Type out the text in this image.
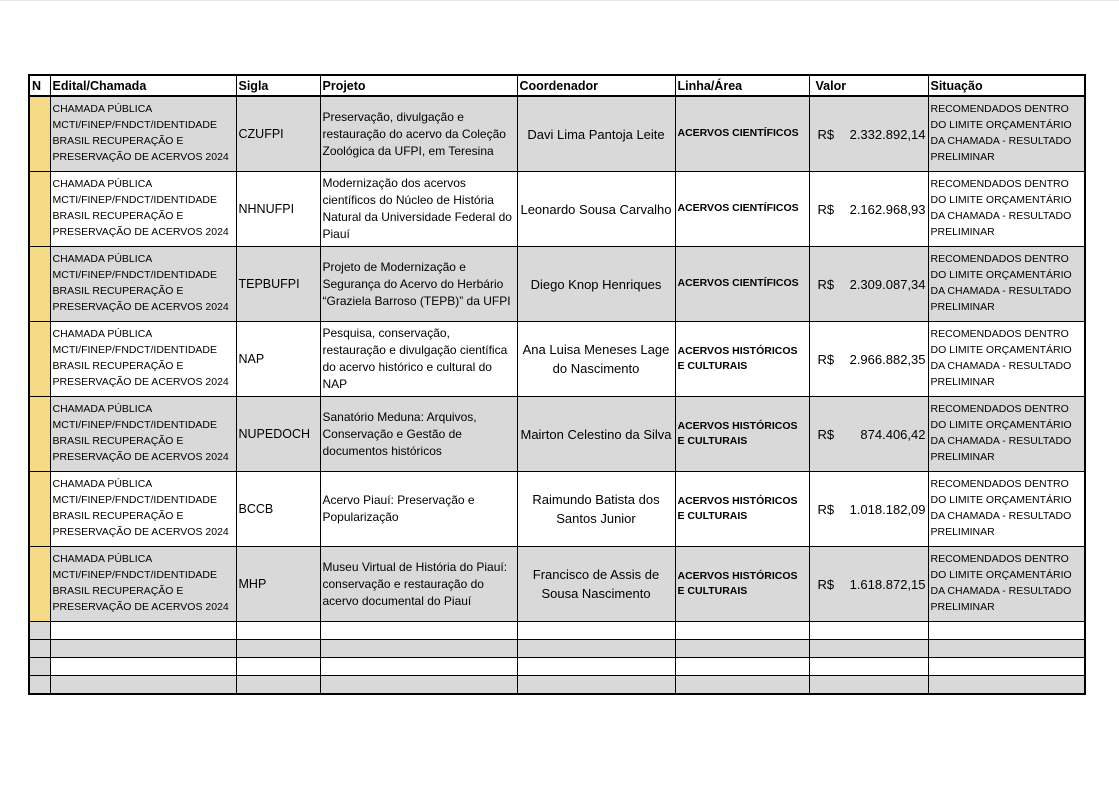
N	Edital/Chamada	Sigla	Projeto	Coordenador	Linha/Área	Valor	Situação
	CHAMADA PÚBLICA MCTI/FINEP/FNDCT/IDENTIDADE BRASIL RECUPERAÇÃO E PRESERVAÇÃO DE ACERVOS 2024	CZUFPI	Preservação, divulgação e restauração do acervo da Coleção Zoológica da UFPI, em Teresina	Davi Lima Pantoja Leite	ACERVOS CIENTÍFICOS	R$ 2.332.892,14	RECOMENDADOS DENTRO DO LIMITE ORÇAMENTÁRIO DA CHAMADA - RESULTADO PRELIMINAR
	CHAMADA PÚBLICA MCTI/FINEP/FNDCT/IDENTIDADE BRASIL RECUPERAÇÃO E PRESERVAÇÃO DE ACERVOS 2024	NHNUFPI	Modernização dos acervos científicos do Núcleo de História Natural da Universidade Federal do Piauí	Leonardo Sousa Carvalho	ACERVOS CIENTÍFICOS	R$ 2.162.968,93	RECOMENDADOS DENTRO DO LIMITE ORÇAMENTÁRIO DA CHAMADA - RESULTADO PRELIMINAR
	CHAMADA PÚBLICA MCTI/FINEP/FNDCT/IDENTIDADE BRASIL RECUPERAÇÃO E PRESERVAÇÃO DE ACERVOS 2024	TEPBUFPI	Projeto de Modernização e Segurança do Acervo do Herbário “Graziela Barroso (TEPB)” da UFPI	Diego Knop Henriques	ACERVOS CIENTÍFICOS	R$ 2.309.087,34	RECOMENDADOS DENTRO DO LIMITE ORÇAMENTÁRIO DA CHAMADA - RESULTADO PRELIMINAR
	CHAMADA PÚBLICA MCTI/FINEP/FNDCT/IDENTIDADE BRASIL RECUPERAÇÃO E PRESERVAÇÃO DE ACERVOS 2024	NAP	Pesquisa, conservação, restauração e divulgação científica do acervo histórico e cultural do NAP	Ana Luisa Meneses Lage do Nascimento	ACERVOS HISTÓRICOS E CULTURAIS	R$ 2.966.882,35	RECOMENDADOS DENTRO DO LIMITE ORÇAMENTÁRIO DA CHAMADA - RESULTADO PRELIMINAR
	CHAMADA PÚBLICA MCTI/FINEP/FNDCT/IDENTIDADE BRASIL RECUPERAÇÃO E PRESERVAÇÃO DE ACERVOS 2024	NUPEDOCH	Sanatório Meduna: Arquivos, Conservação e Gestão de documentos históricos	Mairton Celestino da Silva	ACERVOS HISTÓRICOS E CULTURAIS	R$ 874.406,42	RECOMENDADOS DENTRO DO LIMITE ORÇAMENTÁRIO DA CHAMADA - RESULTADO PRELIMINAR
	CHAMADA PÚBLICA MCTI/FINEP/FNDCT/IDENTIDADE BRASIL RECUPERAÇÃO E PRESERVAÇÃO DE ACERVOS 2024	BCCB	Acervo Piauí: Preservação e Popularização	Raimundo Batista dos Santos Junior	ACERVOS HISTÓRICOS E CULTURAIS	R$ 1.018.182,09	RECOMENDADOS DENTRO DO LIMITE ORÇAMENTÁRIO DA CHAMADA - RESULTADO PRELIMINAR
	CHAMADA PÚBLICA MCTI/FINEP/FNDCT/IDENTIDADE BRASIL RECUPERAÇÃO E PRESERVAÇÃO DE ACERVOS 2024	MHP	Museu Virtual de História do Piauí: conservação e restauração do acervo documental do Piauí	Francisco de Assis de Sousa Nascimento	ACERVOS HISTÓRICOS E CULTURAIS	R$ 1.618.872,15	RECOMENDADOS DENTRO DO LIMITE ORÇAMENTÁRIO DA CHAMADA - RESULTADO PRELIMINAR
